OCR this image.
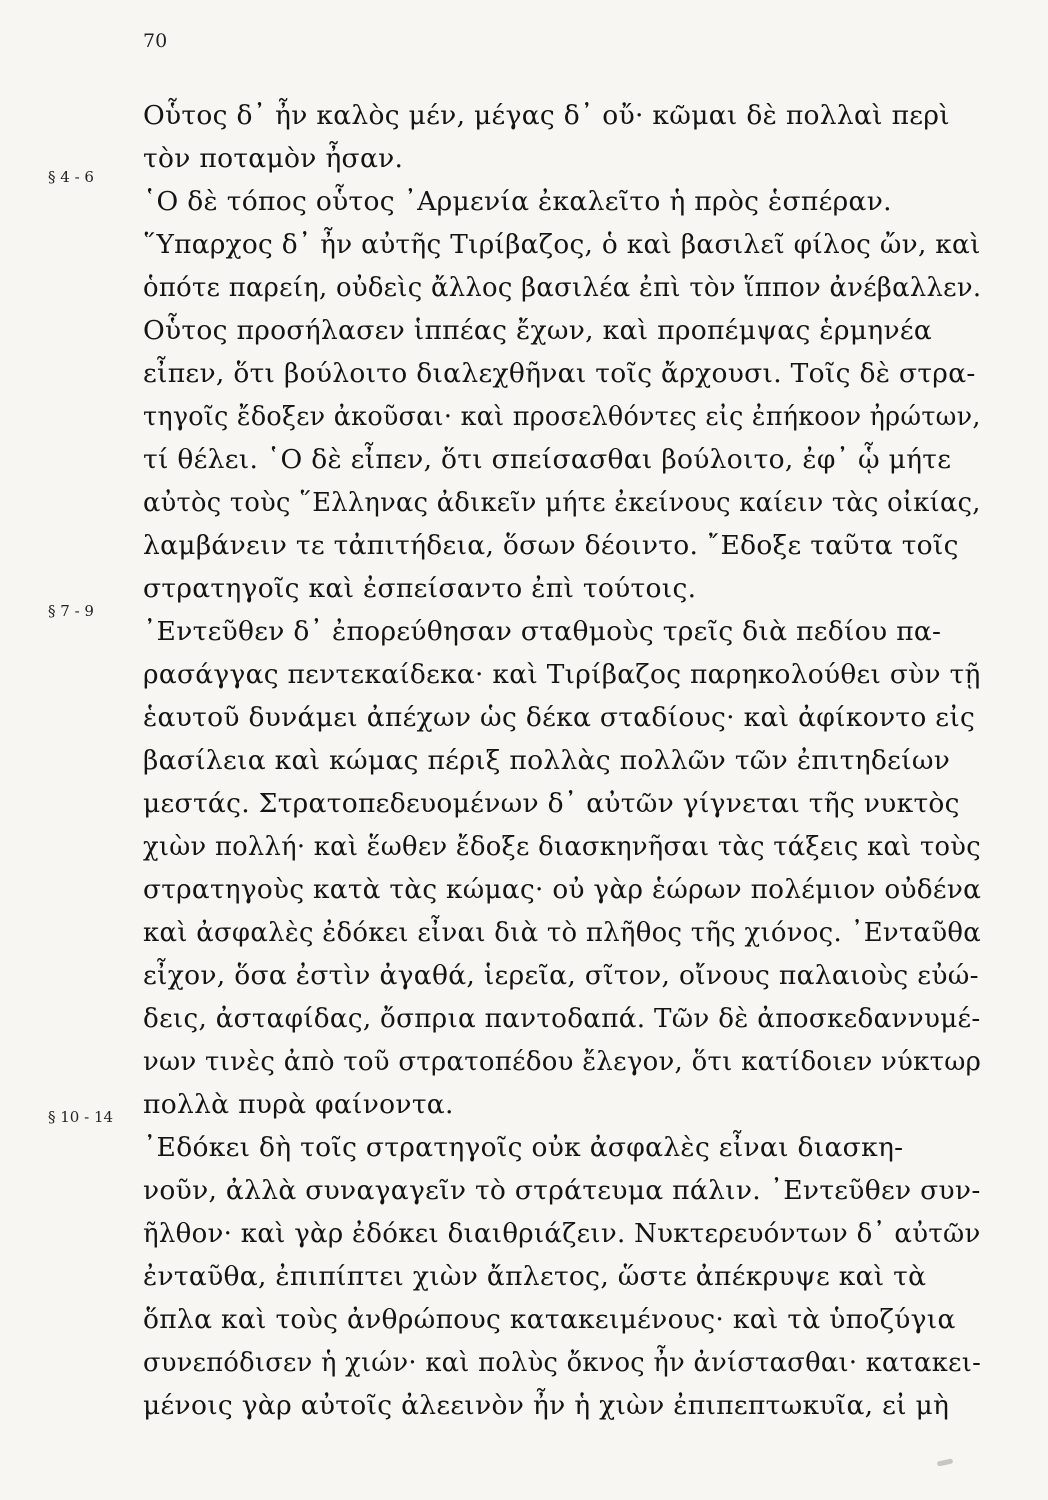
70
§ 4 - 6
§ 7 - 9
§ 10 - 14
Οὗτος δ᾽ ἦν καλὸς μέν, μέγας δ᾽ οὔ· κῶμαι δὲ πολλαὶ περὶ
τὸν ποταμὸν ἦσαν.
῾Ο δὲ τόπος οὗτος ᾽Αρμενία ἐκαλεῖτο ἡ πρὸς ἑσπέραν.
῞Υπαρχος δ᾽ ἦν αὐτῆς Τιρίβαζος, ὁ καὶ βασιλεῖ φίλος ὤν, καὶ
ὁπότε παρείη, οὐδεὶς ἄλλος βασιλέα ἐπὶ τὸν ἵππον ἀνέβαλλεν.
Οὗτος προσήλασεν ἱππέας ἔχων, καὶ προπέμψας ἑρμηνέα
εἶπεν, ὅτι βούλοιτο διαλεχθῆναι τοῖς ἄρχουσι. Τοῖς δὲ στρα-
τηγοῖς ἔδοξεν ἀκοῦσαι· καὶ προσελθόντες εἰς ἐπήκοον ἠρώτων,
τί θέλει. ῾Ο δὲ εἶπεν, ὅτι σπείσασθαι βούλοιτο, ἐφ᾽ ᾧ μήτε
αὐτὸς τοὺς ῞Ελληνας ἀδικεῖν μήτε ἐκείνους καίειν τὰς οἰκίας,
λαμβάνειν τε τἀπιτήδεια, ὅσων δέοιντο. ῎Εδοξε ταῦτα τοῖς
στρατηγοῖς καὶ ἐσπείσαντο ἐπὶ τούτοις.
᾽Εντεῦθεν δ᾽ ἐπορεύθησαν σταθμοὺς τρεῖς διὰ πεδίου πα-
ρασάγγας πεντεκαίδεκα· καὶ Τιρίβαζος παρηκολούθει σὺν τῇ
ἑαυτοῦ δυνάμει ἀπέχων ὡς δέκα σταδίους· καὶ ἀφίκοντο εἰς
βασίλεια καὶ κώμας πέριξ πολλὰς πολλῶν τῶν ἐπιτηδείων
μεστάς. Στρατοπεδευομένων δ᾽ αὐτῶν γίγνεται τῆς νυκτὸς
χιὼν πολλή· καὶ ἕωθεν ἔδοξε διασκηνῆσαι τὰς τάξεις καὶ τοὺς
στρατηγοὺς κατὰ τὰς κώμας· οὐ γὰρ ἑώρων πολέμιον οὐδένα
καὶ ἀσφαλὲς ἐδόκει εἶναι διὰ τὸ πλῆθος τῆς χιόνος. ᾽Ενταῦθα
εἶχον, ὅσα ἐστὶν ἀγαθά, ἱερεῖα, σῖτον, οἴνους παλαιοὺς εὐώ-
δεις, ἀσταφίδας, ὄσπρια παντοδαπά. Τῶν δὲ ἀποσκεδαννυμέ-
νων τινὲς ἀπὸ τοῦ στρατοπέδου ἔλεγον, ὅτι κατίδοιεν νύκτωρ
πολλὰ πυρὰ φαίνοντα.
᾽Εδόκει δὴ τοῖς στρατηγοῖς οὐκ ἀσφαλὲς εἶναι διασκη-
νοῦν, ἀλλὰ συναγαγεῖν τὸ στράτευμα πάλιν. ᾽Εντεῦθεν συν-
ῆλθον· καὶ γὰρ ἐδόκει διαιθριάζειν. Νυκτερευόντων δ᾽ αὐτῶν
ἐνταῦθα, ἐπιπίπτει χιὼν ἄπλετος, ὥστε ἀπέκρυψε καὶ τὰ
ὅπλα καὶ τοὺς ἀνθρώπους κατακειμένους· καὶ τὰ ὑποζύγια
συνεπόδισεν ἡ χιών· καὶ πολὺς ὄκνος ἦν ἀνίστασθαι· κατακει-
μένοις γὰρ αὐτοῖς ἀλεεινὸν ἦν ἡ χιὼν ἐπιπεπτωκυῖα, εἰ μὴ
